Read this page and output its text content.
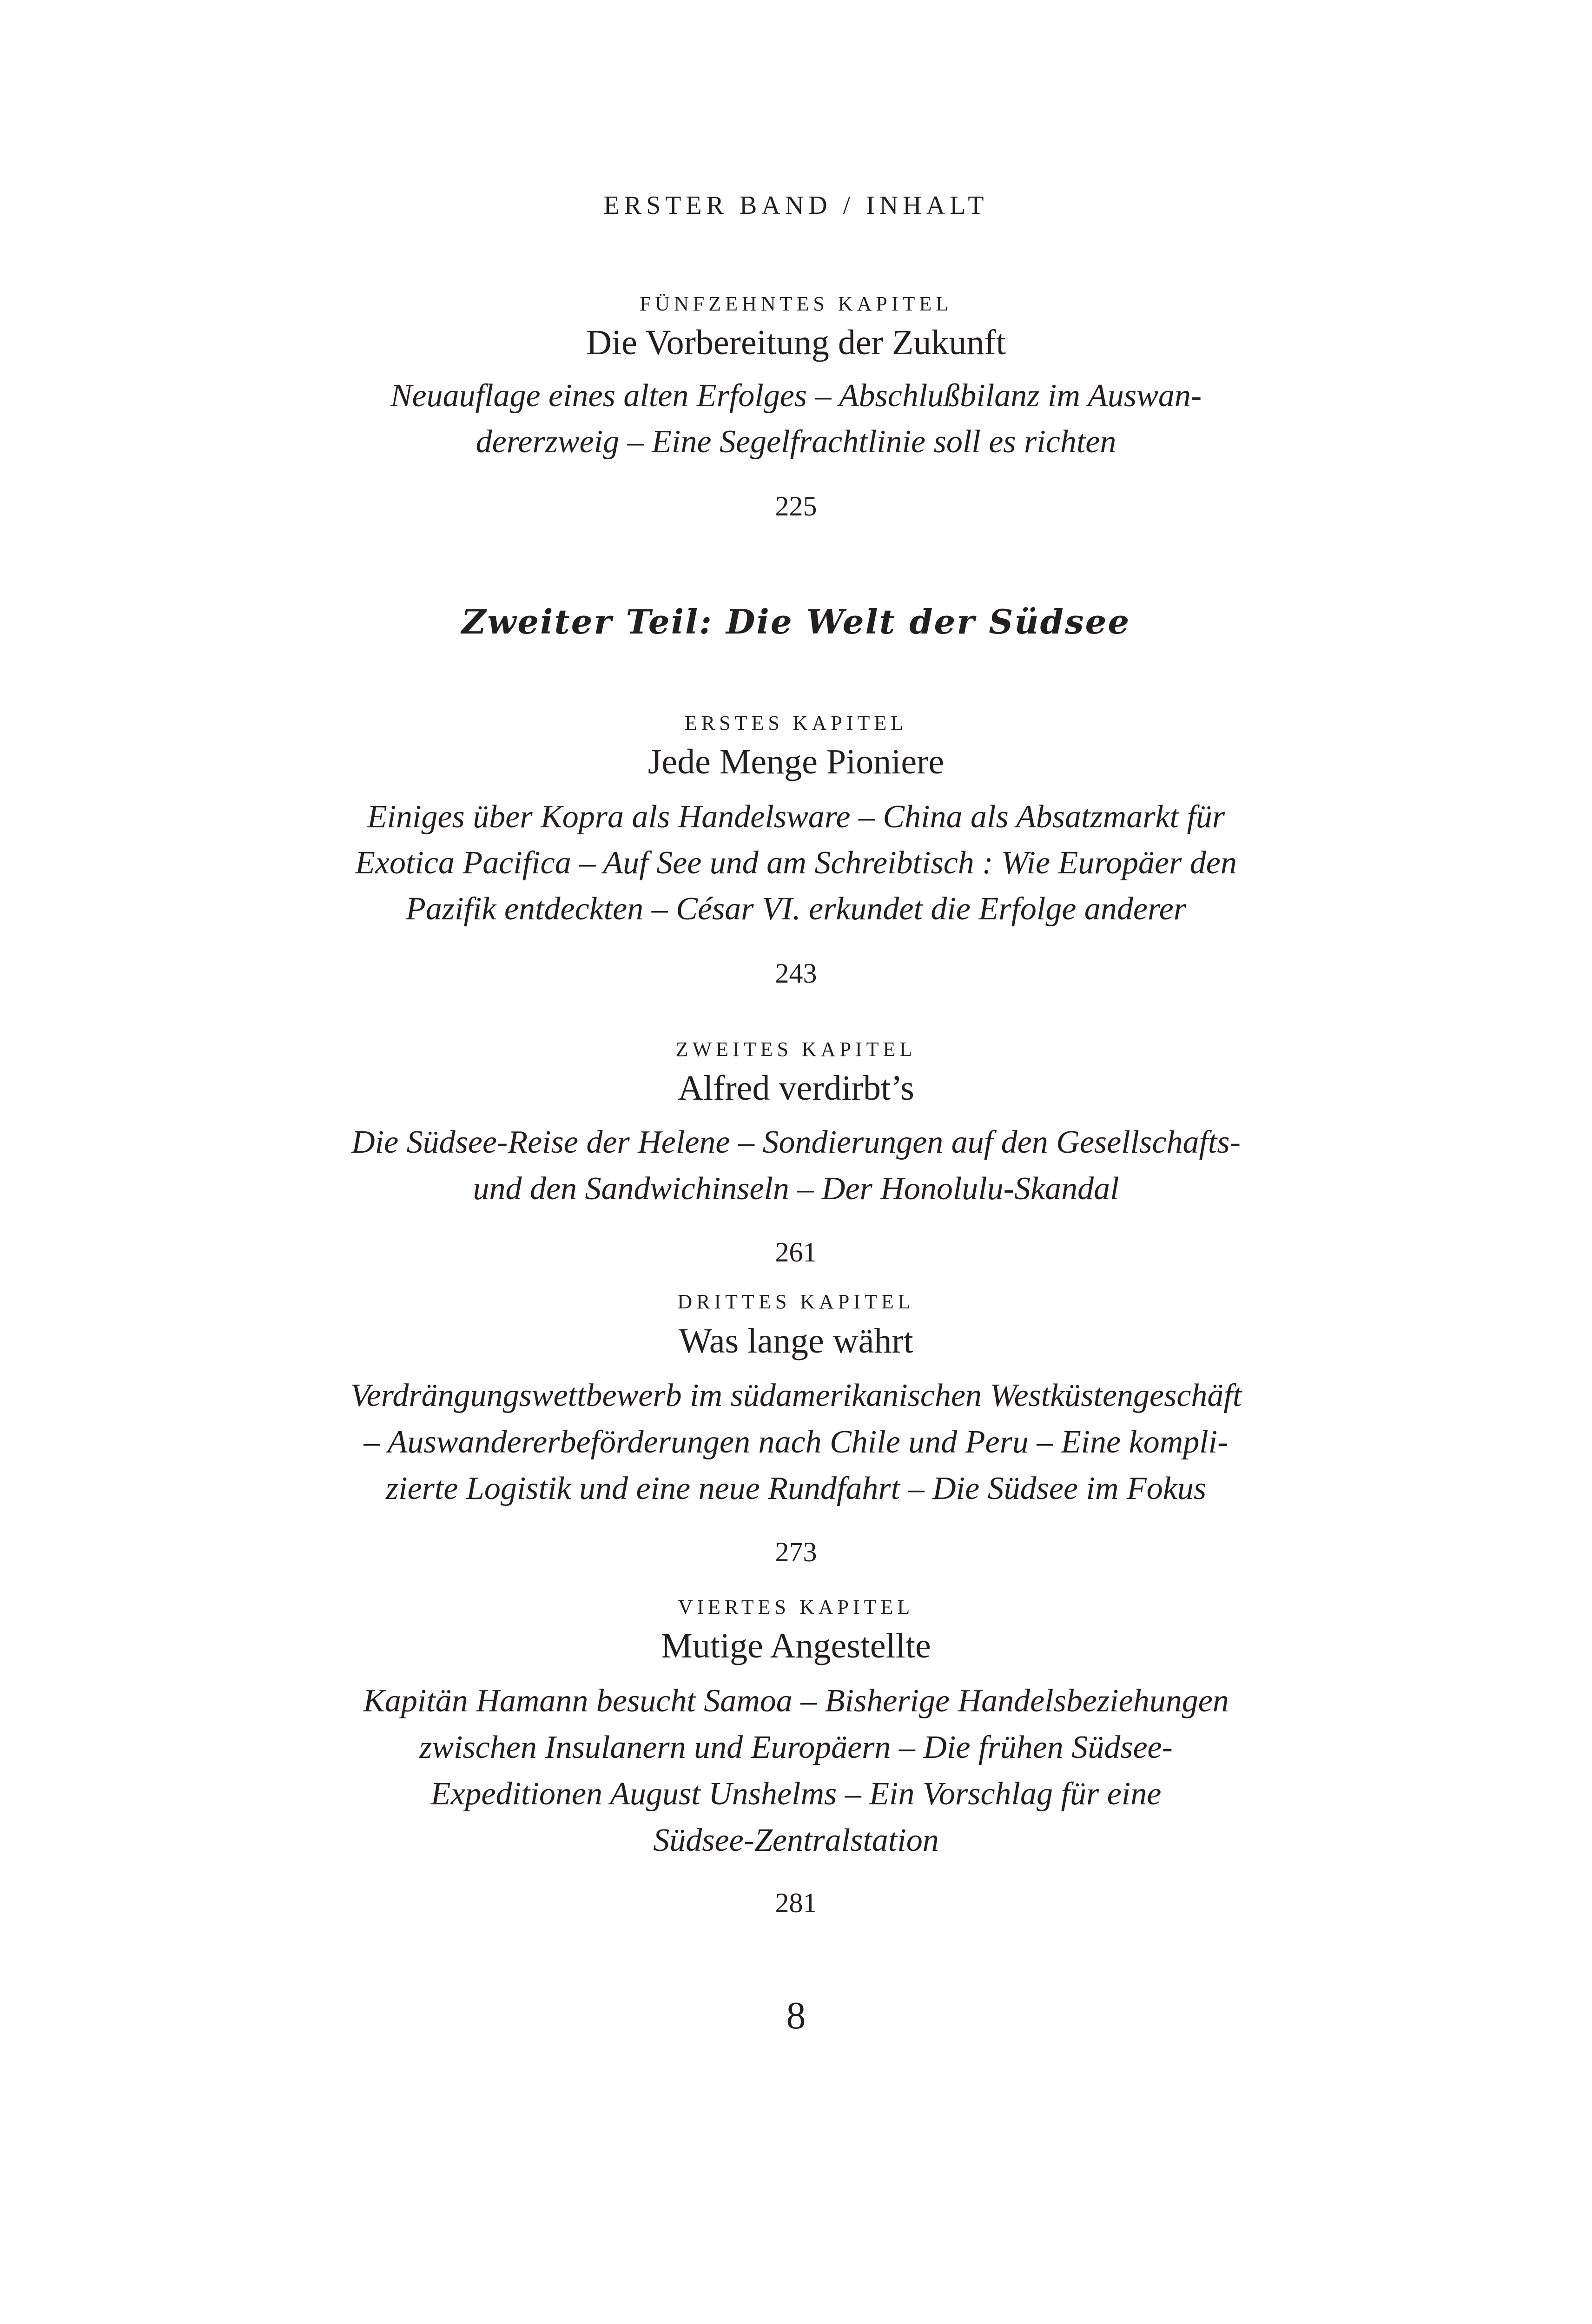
ERSTER BAND / INHALT
FÜNFZEHNTES KAPITEL
Die Vorbereitung der Zukunft
Neuauflage eines alten Erfolges – Abschlußbilanz im Auswan-
dererzweig – Eine Segelfrachtlinie soll es richten
225
Zweiter Teil: Die Welt der Südsee
ERSTES KAPITEL
Jede Menge Pioniere
Einiges über Kopra als Handelsware – China als Absatzmarkt für
Exotica Pacifica – Auf See und am Schreibtisch : Wie Europäer den
Pazifik entdeckten – César VI. erkundet die Erfolge anderer
243
ZWEITES KAPITEL
Alfred verdirbt’s
Die Südsee-Reise der Helene – Sondierungen auf den Gesellschafts-
und den Sandwichinseln – Der Honolulu-Skandal
261
DRITTES KAPITEL
Was lange währt
Verdrängungswettbewerb im südamerikanischen Westküstengeschäft
– Auswandererbeförderungen nach Chile und Peru – Eine kompli-
zierte Logistik und eine neue Rundfahrt – Die Südsee im Fokus
273
VIERTES KAPITEL
Mutige Angestellte
Kapitän Hamann besucht Samoa – Bisherige Handelsbeziehungen
zwischen Insulanern und Europäern – Die frühen Südsee-
Expeditionen August Unshelms – Ein Vorschlag für eine
Südsee-Zentralstation
281
8
